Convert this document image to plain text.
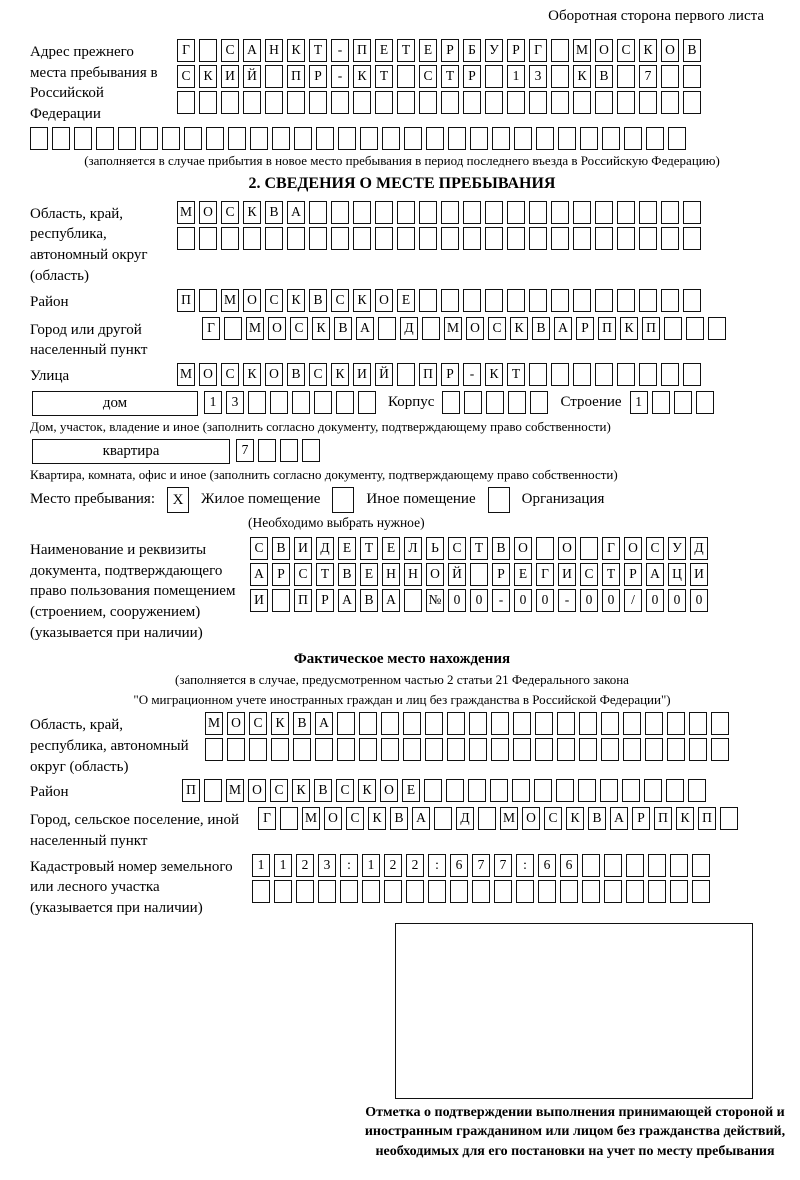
Оборотная сторона первого листа
Адрес прежнего места пребывания в Российской Федерации
Г	С А Н К Т - П Е Т Е Р Б У Р Г	М О С К О В
С К И Й	П Р - К Т	С Т Р	1 3	К В	7
(заполняется в случае прибытия в новое место пребывания в период последнего въезда в Российскую Федерацию)
2. СВЕДЕНИЯ О МЕСТЕ ПРЕБЫВАНИЯ
Область, край, республика, автономный округ (область)
М О С К В А
Район	П М О С К В С К О Е
Город или другой населенный пункт
Г	М О С К В А	Д М О С К В А Р П К П
Улица	М О С К О В С К И Й	П Р - К Т
дом	1 3	Корпус	Строение 1
Дом, участок, владение и иное (заполнить согласно документу, подтверждающему право собственности)
квартира	7
Квартира, комната, офис и иное (заполнить согласно документу, подтверждающему право собственности)
Место пребывания:	X	Жилое помещение	Иное помещение	Организация
(Необходимо выбрать нужное)
Наименование и реквизиты документа, подтверждающего право пользования помещением (строением, сооружением) (указывается при наличии)
С В И Д Е Т Е Л Ь С Т В О	О	Г О С У Д
А Р С Т В Е Н Н О Й	Р Е Г И С Т Р А Ц И
И	П Р А В А № 0 0 - 0 0 - 0 0 / 0 0 0
Фактическое место нахождения
(заполняется в случае, предусмотренном частью 2 статьи 21 Федерального закона
"О миграционном учете иностранных граждан и лиц без гражданства в Российской Федерации")
Область, край, республика, автономный округ (область)
М О С К В А
Район	П М О С К В С К О Е
Город, сельское поселение, иной населенный пункт
Г	М О С К В А	Д М О С К В А Р П К П
Кадастровый номер земельного или лесного участка (указывается при наличии)
1 1 2 3 : 1 2 2 : 6 7 7 : 6 6
Отметка о подтверждении выполнения принимающей стороной и иностранным гражданином или лицом без гражданства действий, необходимых для его постановки на учет по месту пребывания
